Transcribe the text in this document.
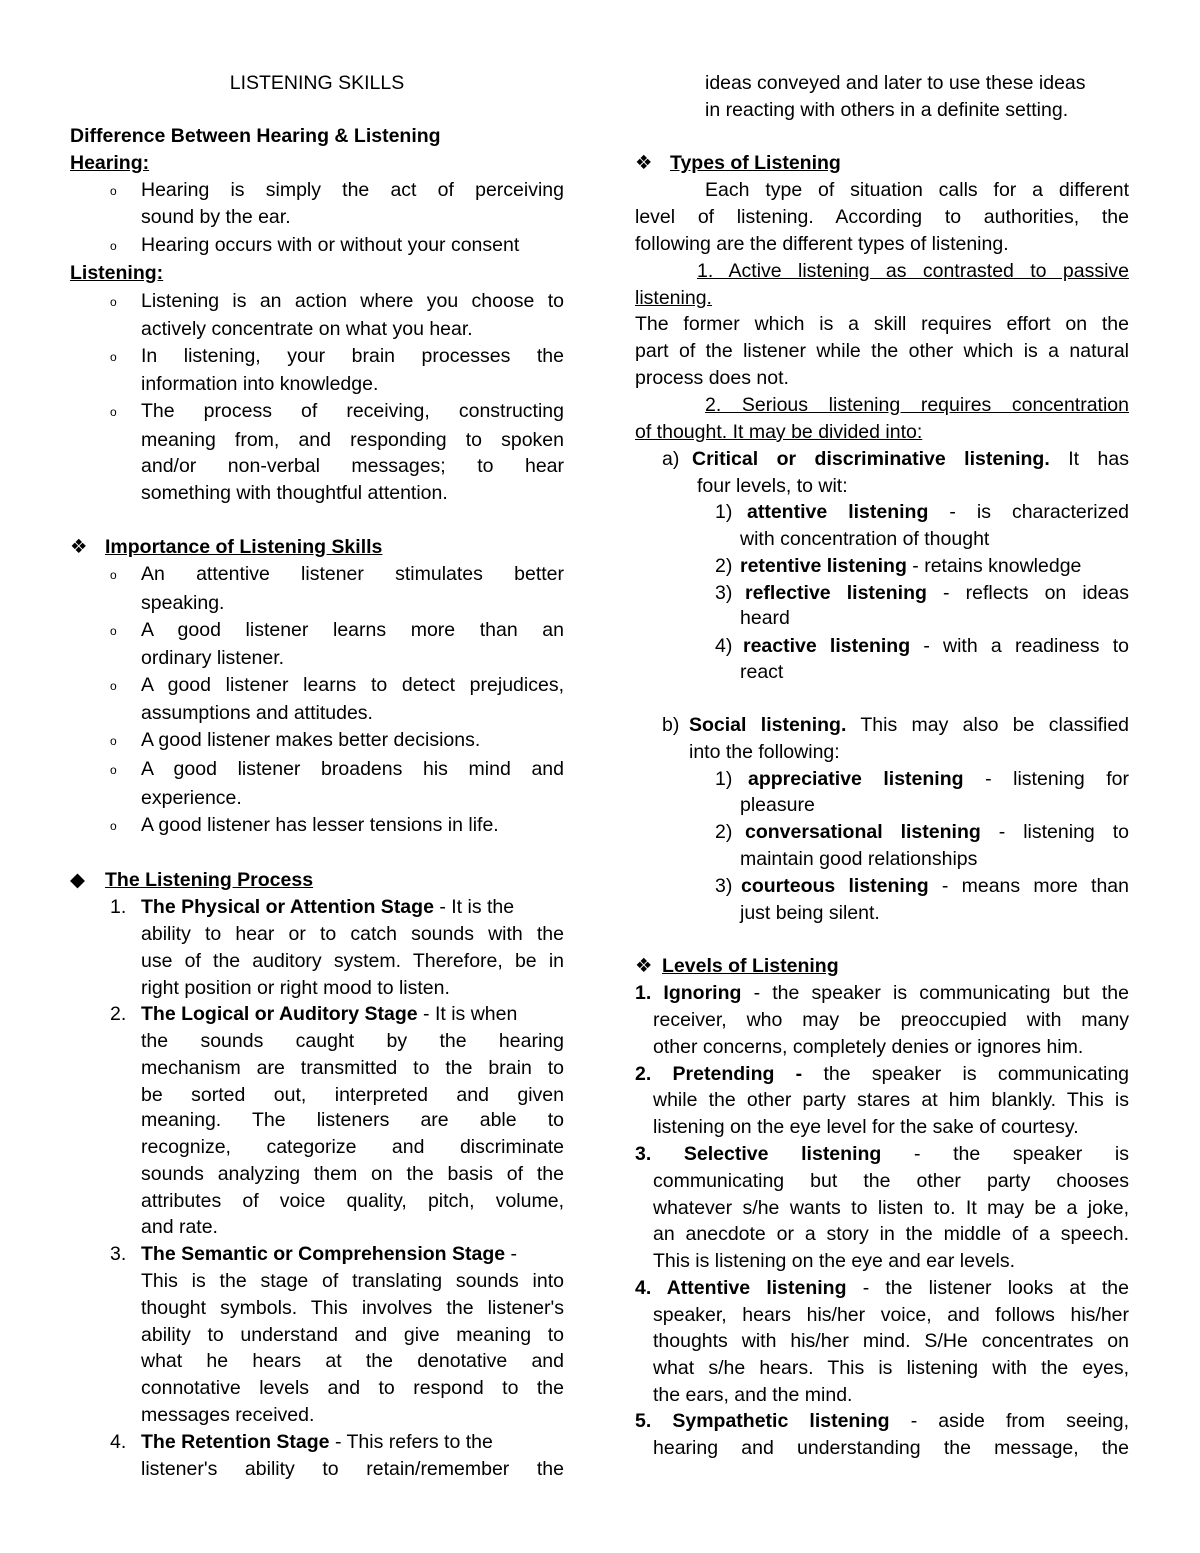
LISTENING SKILLS
Difference Between Hearing & Listening
Hearing:
o Hearing is simply the act of perceiving
sound by the ear.
o Hearing occurs with or without your consent
Listening:
o Listening is an action where you choose to
actively concentrate on what you hear.
o In listening, your brain processes the
information into knowledge.
o The process of receiving, constructing
meaning from, and responding to spoken
and/or non-verbal messages; to hear
something with thoughtful attention.
❖ Importance of Listening Skills
o An attentive listener stimulates better
speaking.
o A good listener learns more than an
ordinary listener.
o A good listener learns to detect prejudices,
assumptions and attitudes.
o A good listener makes better decisions.
o A good listener broadens his mind and
experience.
o A good listener has lesser tensions in life.
◆ The Listening Process
1. The Physical or Attention Stage - It is the
ability to hear or to catch sounds with the
use of the auditory system. Therefore, be in
right position or right mood to listen.
2. The Logical or Auditory Stage - It is when
the sounds caught by the hearing
mechanism are transmitted to the brain to
be sorted out, interpreted and given
meaning. The listeners are able to
recognize, categorize and discriminate
sounds analyzing them on the basis of the
attributes of voice quality, pitch, volume,
and rate.
3. The Semantic or Comprehension Stage -
This is the stage of translating sounds into
thought symbols. This involves the listener's
ability to understand and give meaning to
what he hears at the denotative and
connotative levels and to respond to the
messages received.
4. The Retention Stage - This refers to the
listener's ability to retain/remember the
ideas conveyed and later to use these ideas
in reacting with others in a definite setting.
❖ Types of Listening
Each type of situation calls for a different
level of listening. According to authorities, the
following are the different types of listening.
1. Active listening as contrasted to passive
listening.
The former which is a skill requires effort on the
part of the listener while the other which is a natural
process does not.
2. Serious listening requires concentration
of thought. It may be divided into:
a) Critical or discriminative listening. It has
four levels, to wit:
1) attentive listening - is characterized
with concentration of thought
2) retentive listening - retains knowledge
3) reflective listening - reflects on ideas
heard
4) reactive listening - with a readiness to
react
b) Social listening. This may also be classified
into the following:
1) appreciative listening - listening for
pleasure
2) conversational listening - listening to
maintain good relationships
3) courteous listening - means more than
just being silent.
❖ Levels of Listening
1. Ignoring - the speaker is communicating but the
receiver, who may be preoccupied with many
other concerns, completely denies or ignores him.
2. Pretending - the speaker is communicating
while the other party stares at him blankly. This is
listening on the eye level for the sake of courtesy.
3. Selective listening - the speaker is
communicating but the other party chooses
whatever s/he wants to listen to. It may be a joke,
an anecdote or a story in the middle of a speech.
This is listening on the eye and ear levels.
4. Attentive listening - the listener looks at the
speaker, hears his/her voice, and follows his/her
thoughts with his/her mind. S/He concentrates on
what s/he hears. This is listening with the eyes,
the ears, and the mind.
5. Sympathetic listening - aside from seeing,
hearing and understanding the message, the
